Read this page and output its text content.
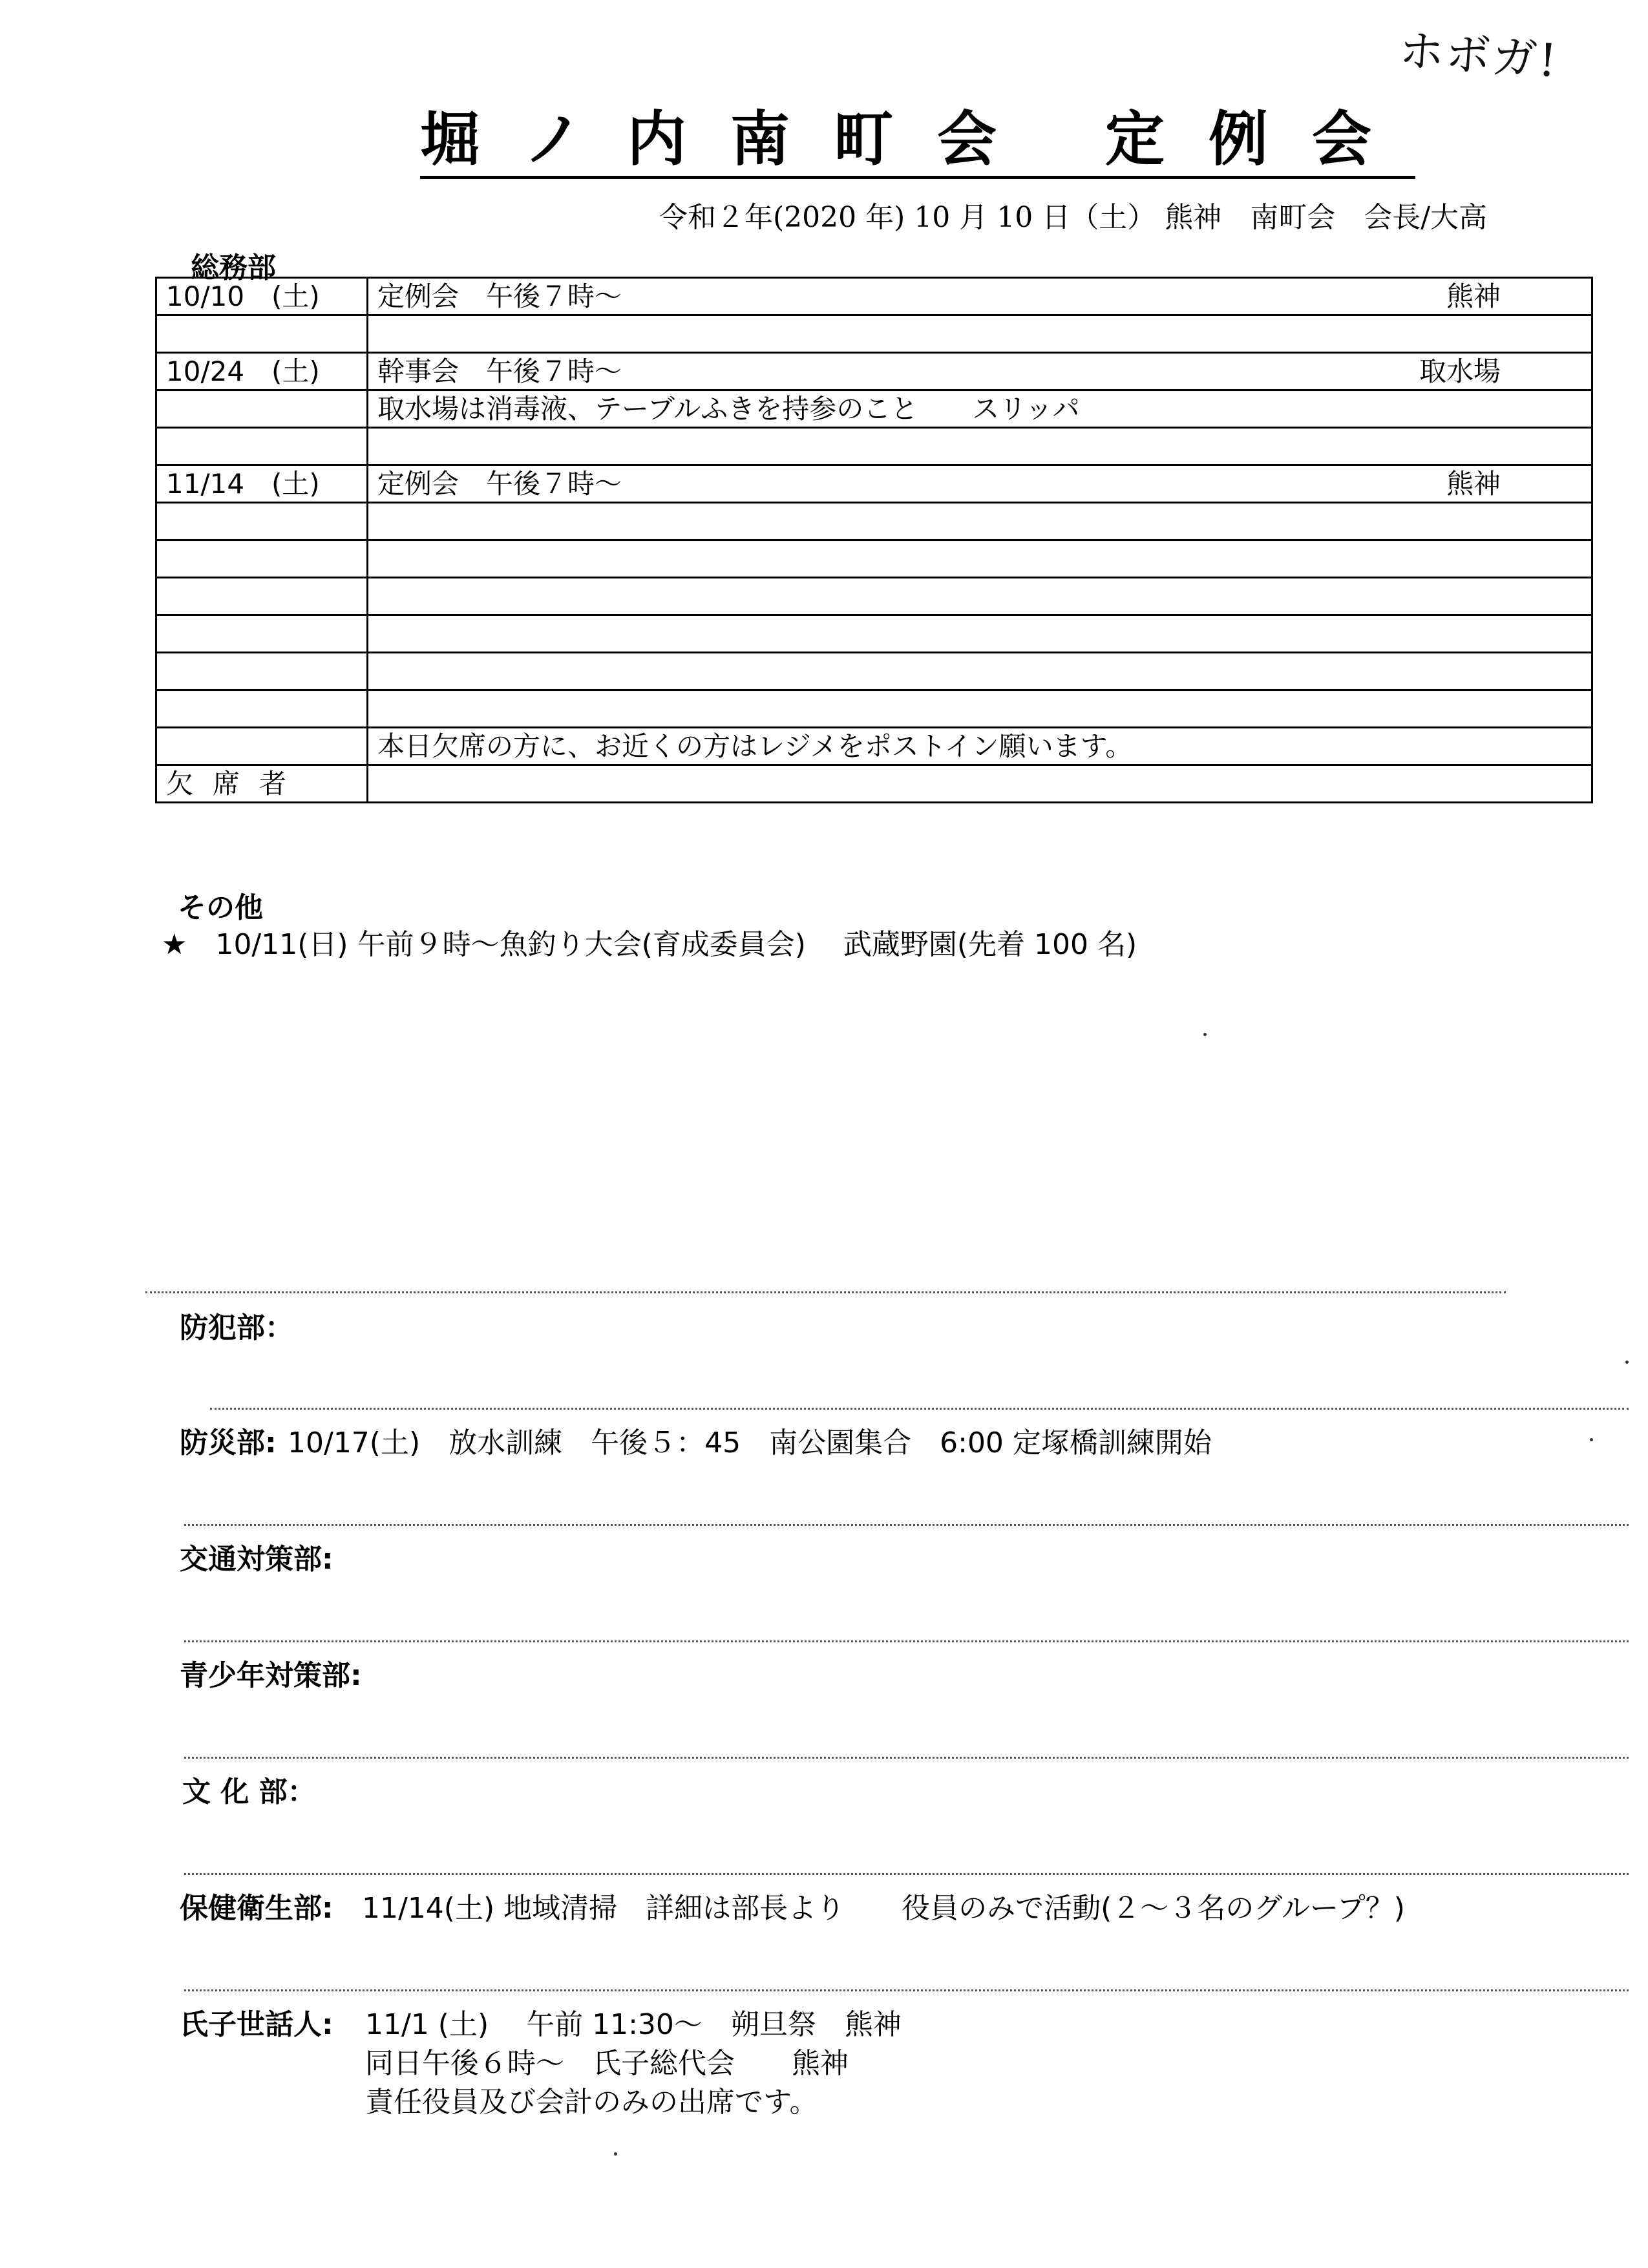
ホボガ!
堀ノ内南町会 定例会
令和２年(2020 年) 10 月 10 日（土） 熊神　南町会　会長/大高
総務部
10/10　(土)	定例会　午後７時～ 熊神

10/24　(土)	幹事会　午後７時～ 取水場

	取水場は消毒液、テーブルふきを持参のこと　　スリッパ

11/14　(土)	定例会　午後７時～ 熊神

	本日欠席の方に、お近くの方はレジメをポストイン願います。
欠席者	
その他
★　10/11(日) 午前９時～魚釣り大会(育成委員会)　 武蔵野園(先着 100 名)
防犯部：
防災部: 10/17(土)　放水訓練　午後５：45　南公園集合　6:00 定塚橋訓練開始
交通対策部:
青少年対策部:
文 化 部：
保健衛生部: 11/14(土) 地域清掃　詳細は部長より　　役員のみで活動(２～３名のグループ？)
氏子世話人: 11/1 (土)　 午前 11:30～　朔旦祭　熊神
同日午後６時～　氏子総代会　　熊神
責任役員及び会計のみの出席です。
